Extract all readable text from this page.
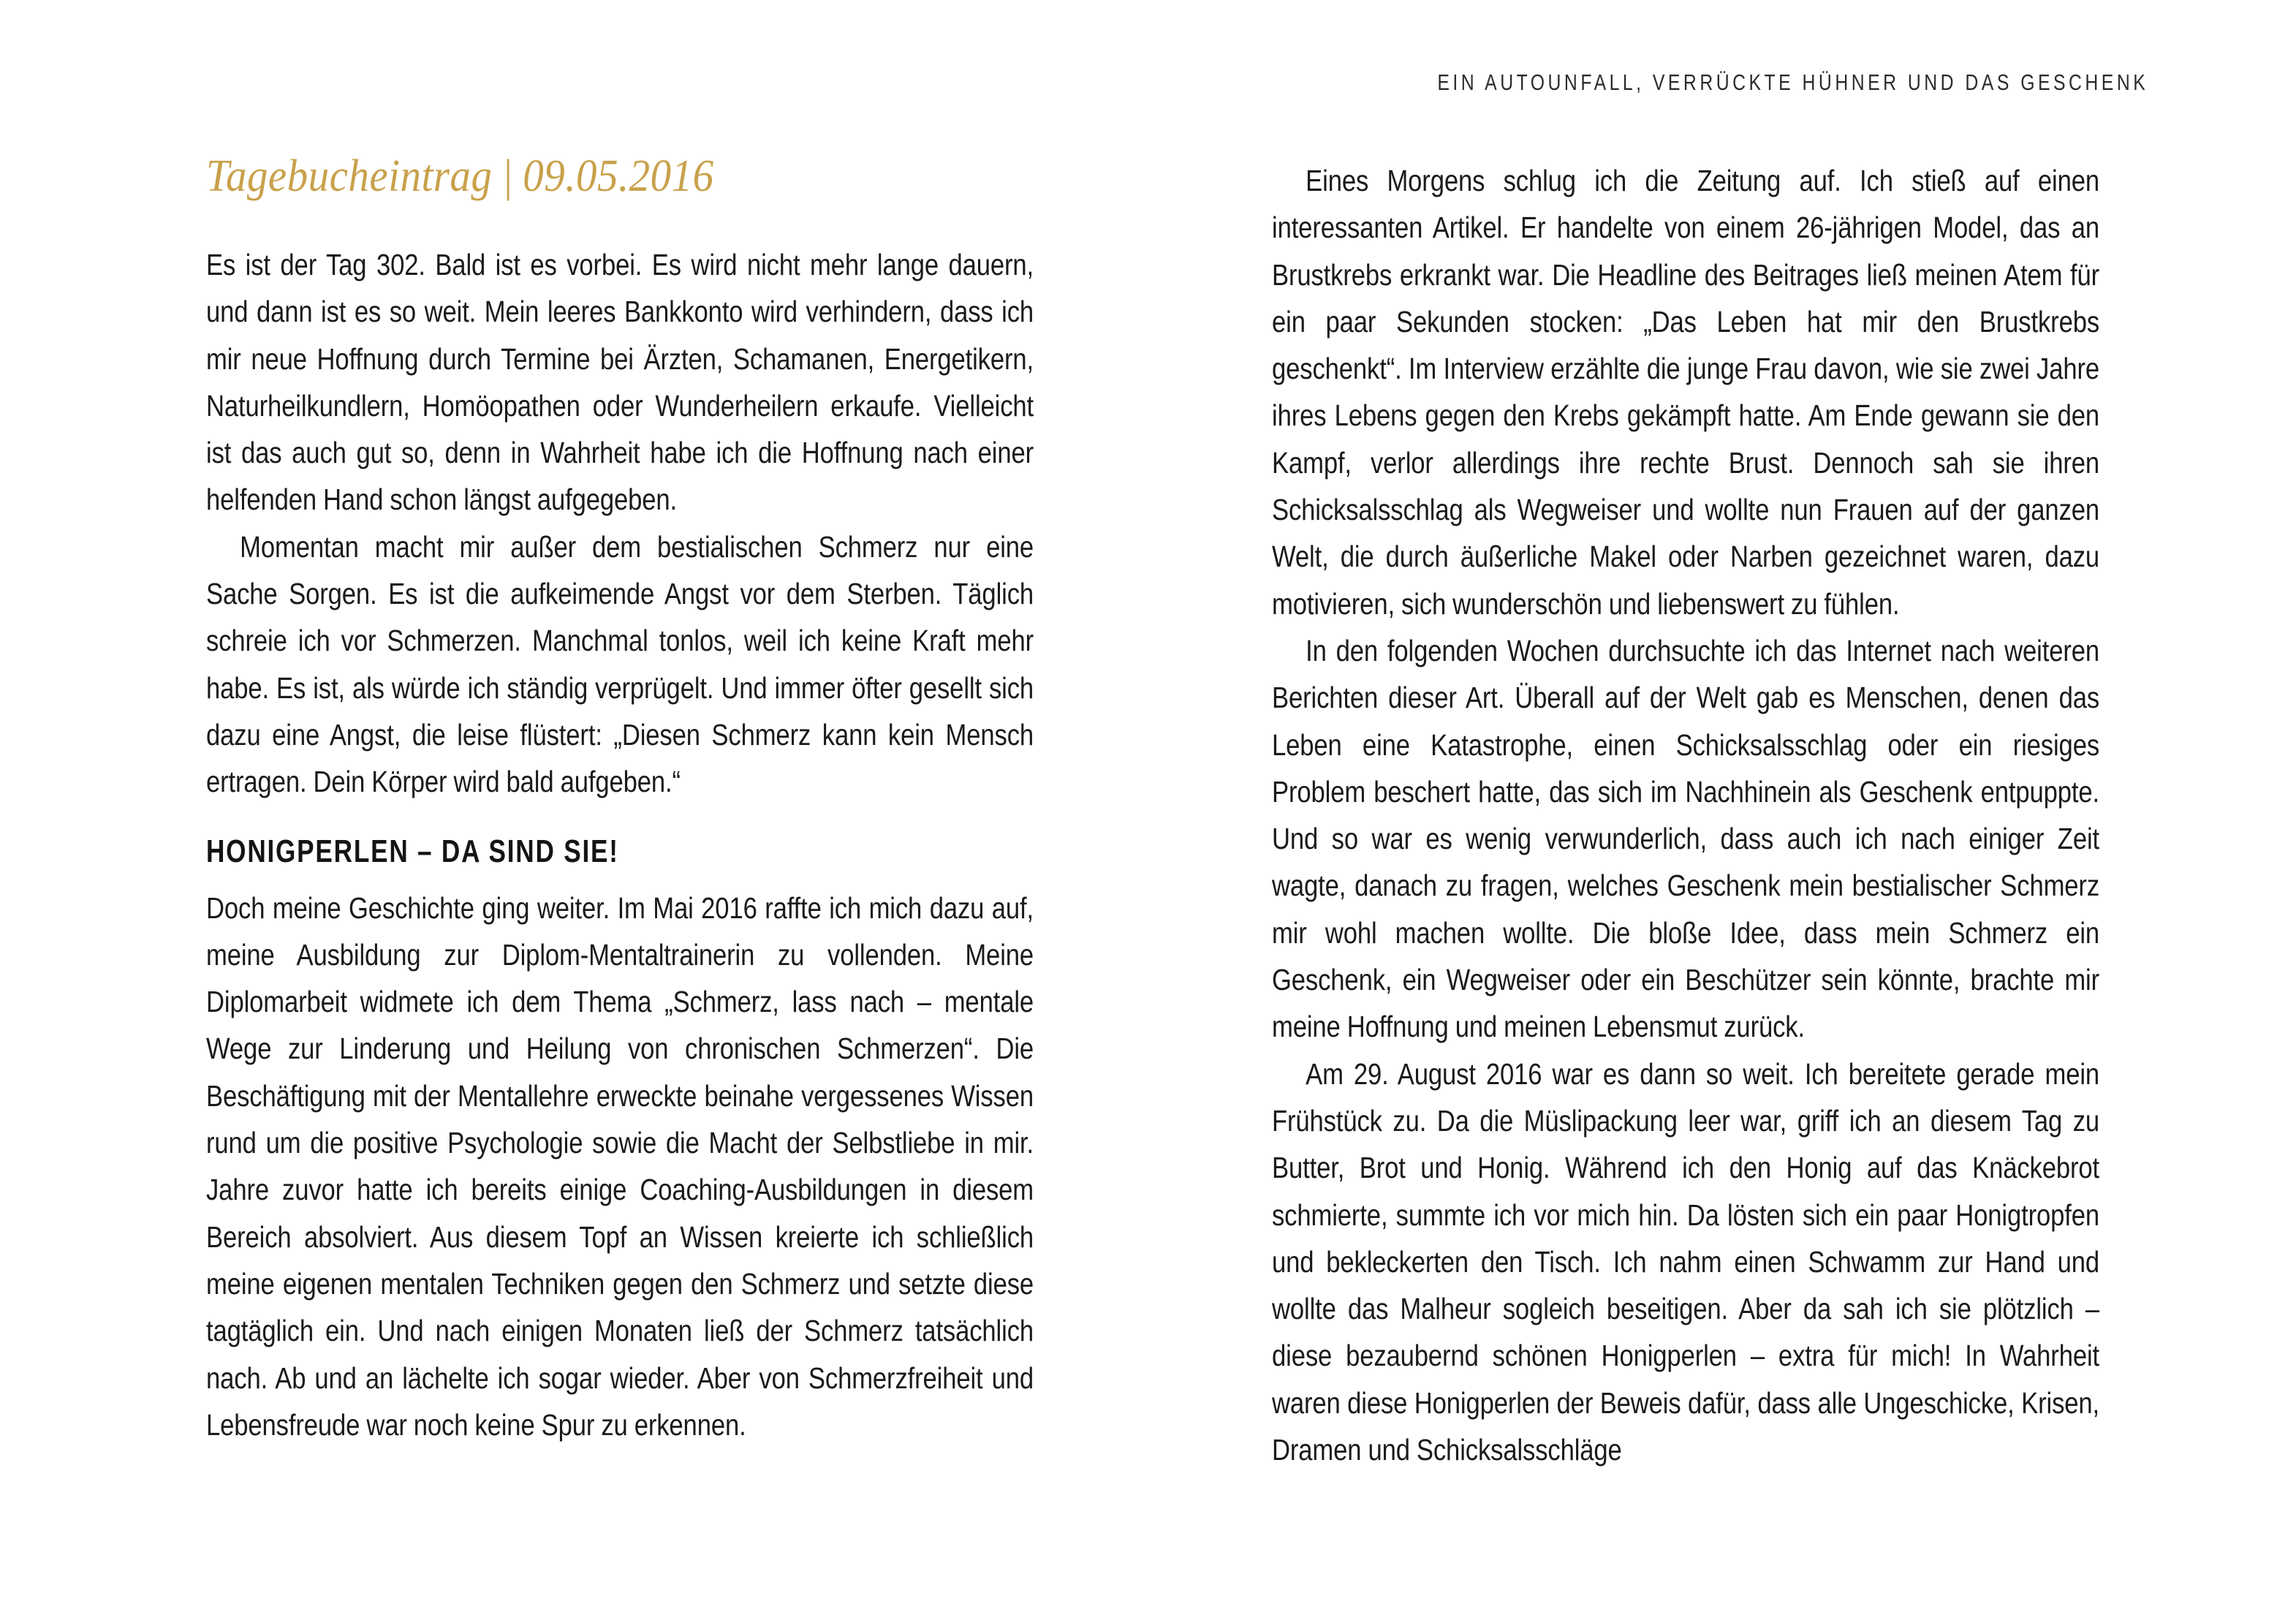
EIN AUTOUNFALL, VERRÜCKTE HÜHNER UND DAS GESCHENK
Tagebucheintrag | 09.05.2016

Es ist der Tag 302. Bald ist es vorbei. Es wird nicht mehr lange dauern, und dann ist es so weit. Mein leeres Bankkonto wird verhindern, dass ich mir neue Hoffnung durch Termine bei Ärzten, Schamanen, Energetikern, Naturheilkundlern, Homöopathen oder Wunderheilern erkaufe. Vielleicht ist das auch gut so, denn in Wahrheit habe ich die Hoffnung nach einer helfenden Hand schon längst aufgegeben.

Momentan macht mir außer dem bestialischen Schmerz nur eine Sache Sorgen. Es ist die aufkeimende Angst vor dem Sterben. Täglich schreie ich vor Schmerzen. Manchmal tonlos, weil ich keine Kraft mehr habe. Es ist, als würde ich ständig verprügelt. Und immer öfter gesellt sich dazu eine Angst, die leise flüstert: „Diesen Schmerz kann kein Mensch ertragen. Dein Körper wird bald aufgeben.“

HONIGPERLEN – DA SIND SIE!

Doch meine Geschichte ging weiter. Im Mai 2016 raffte ich mich dazu auf, meine Ausbildung zur Diplom-Mentaltrainerin zu vollenden. Meine Diplomarbeit widmete ich dem Thema „Schmerz, lass nach – mentale Wege zur Linderung und Heilung von chronischen Schmerzen“. Die Beschäftigung mit der Mentallehre erweckte beinahe vergessenes Wissen rund um die positive Psychologie sowie die Macht der Selbstliebe in mir. Jahre zuvor hatte ich bereits einige Coaching-Ausbildungen in diesem Bereich absolviert. Aus diesem Topf an Wissen kreierte ich schließlich meine eigenen mentalen Techniken gegen den Schmerz und setzte diese tagtäglich ein. Und nach einigen Monaten ließ der Schmerz tatsächlich nach. Ab und an lächelte ich sogar wieder. Aber von Schmerzfreiheit und Lebensfreude war noch keine Spur zu erkennen.

Eines Morgens schlug ich die Zeitung auf. Ich stieß auf einen interessanten Artikel. Er handelte von einem 26-jährigen Model, das an Brustkrebs erkrankt war. Die Headline des Beitrages ließ meinen Atem für ein paar Sekunden stocken: „Das Leben hat mir den Brustkrebs geschenkt“. Im Interview erzählte die junge Frau davon, wie sie zwei Jahre ihres Lebens gegen den Krebs gekämpft hatte. Am Ende gewann sie den Kampf, verlor allerdings ihre rechte Brust. Dennoch sah sie ihren Schicksalsschlag als Wegweiser und wollte nun Frauen auf der ganzen Welt, die durch äußerliche Makel oder Narben gezeichnet waren, dazu motivieren, sich wunderschön und liebenswert zu fühlen.

In den folgenden Wochen durchsuchte ich das Internet nach weiteren Berichten dieser Art. Überall auf der Welt gab es Menschen, denen das Leben eine Katastrophe, einen Schicksalsschlag oder ein riesiges Problem beschert hatte, das sich im Nachhinein als Geschenk entpuppte. Und so war es wenig verwunderlich, dass auch ich nach einiger Zeit wagte, danach zu fragen, welches Geschenk mein bestialischer Schmerz mir wohl machen wollte. Die bloße Idee, dass mein Schmerz ein Geschenk, ein Wegweiser oder ein Beschützer sein könnte, brachte mir meine Hoffnung und meinen Lebensmut zurück.

Am 29. August 2016 war es dann so weit. Ich bereitete gerade mein Frühstück zu. Da die Müslipackung leer war, griff ich an diesem Tag zu Butter, Brot und Honig. Während ich den Honig auf das Knäckebrot schmierte, summte ich vor mich hin. Da lösten sich ein paar Honigtropfen und bekleckerten den Tisch. Ich nahm einen Schwamm zur Hand und wollte das Malheur sogleich beseitigen. Aber da sah ich sie plötzlich – diese bezaubernd schönen Honigperlen – extra für mich! In Wahrheit waren diese Honigperlen der Beweis dafür, dass alle Ungeschicke, Krisen, Dramen und Schicksalsschläge
